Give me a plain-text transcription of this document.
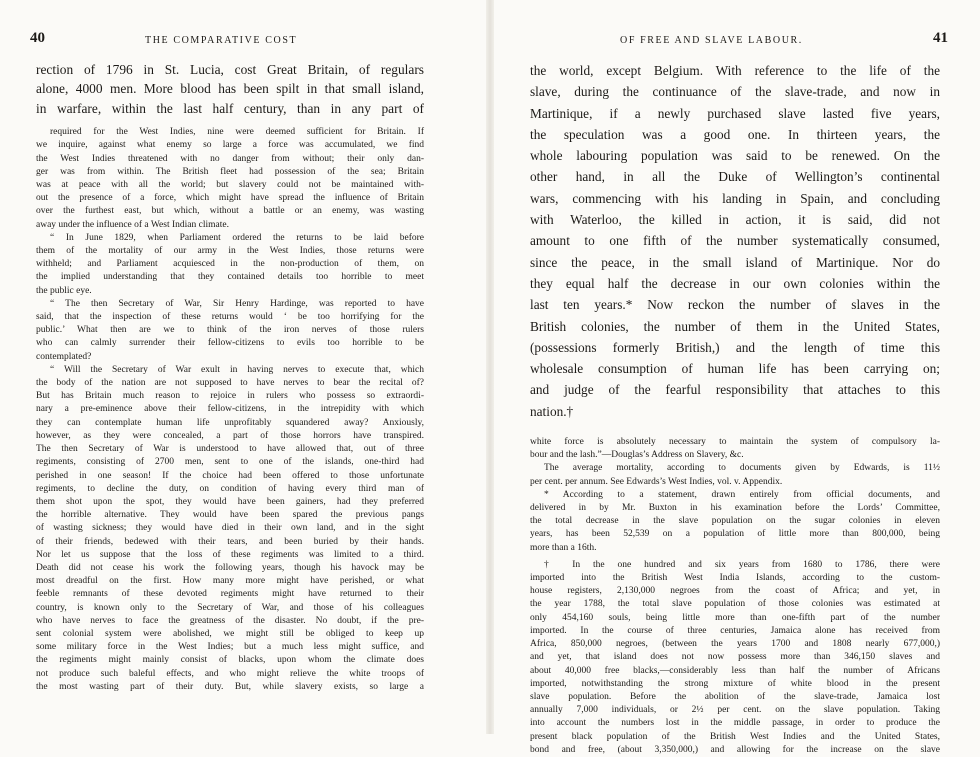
40	THE COMPARATIVE COST
rection of 1796 in St. Lucia, cost Great Britain, of regulars
alone, 4000 men. More blood has been spilt in that small island,
in warfare, within the last half century, than in any part of
required for the West Indies, nine were deemed sufficient for Britain. If
we inquire, against what enemy so large a force was accumulated, we find
the West Indies threatened with no danger from without; their only dan-
ger was from within. The British fleet had possession of the sea; Britain
was at peace with all the world; but slavery could not be maintained with-
out the presence of a force, which might have spread the influence of Britain
over the furthest east, but which, without a battle or an enemy, was wasting
away under the influence of a West Indian climate.
“ In June 1829, when Parliament ordered the returns to be laid before
them of the mortality of our army in the West Indies, those returns were
withheld; and Parliament acquiesced in the non-production of them, on
the implied understanding that they contained details too horrible to meet
the public eye.
“ The then Secretary of War, Sir Henry Hardinge, was reported to have
said, that the inspection of these returns would ‘ be too horrifying for the
public.’ What then are we to think of the iron nerves of those rulers
who can calmly surrender their fellow-citizens to evils too horrible to be
contemplated?
“ Will the Secretary of War exult in having nerves to execute that, which
the body of the nation are not supposed to have nerves to bear the recital of?
But has Britain much reason to rejoice in rulers who possess so extraordi-
nary a pre-eminence above their fellow-citizens, in the intrepidity with which
they can contemplate human life unprofitably squandered away? Anxiously,
however, as they were concealed, a part of those horrors have transpired.
The then Secretary of War is understood to have allowed that, out of three
regiments, consisting of 2700 men, sent to one of the islands, one-third had
perished in one season! If the choice had been offered to those unfortunate
regiments, to decline the duty, on condition of having every third man of
them shot upon the spot, they would have been gainers, had they preferred
the horrible alternative. They would have been spared the previous pangs
of wasting sickness; they would have died in their own land, and in the sight
of their friends, bedewed with their tears, and been buried by their hands.
Nor let us suppose that the loss of these regiments was limited to a third.
Death did not cease his work the following years, though his havock may be
most dreadful on the first. How many more might have perished, or what
feeble remnants of these devoted regiments might have returned to their
country, is known only to the Secretary of War, and those of his colleagues
who have nerves to face the greatness of the disaster. No doubt, if the pre-
sent colonial system were abolished, we might still be obliged to keep up
some military force in the West Indies; but a much less might suffice, and
the regiments might mainly consist of blacks, upon whom the climate does
not produce such baleful effects, and who might relieve the white troops of
the most wasting part of their duty. But, while slavery exists, so large a
OF FREE AND SLAVE LABOUR.	41
the world, except Belgium. With reference to the life of the
slave, during the continuance of the slave-trade, and now in
Martinique, if a newly purchased slave lasted five years,
the speculation was a good one. In thirteen years, the
whole labouring population was said to be renewed. On the
other hand, in all the Duke of Wellington’s continental
wars, commencing with his landing in Spain, and concluding
with Waterloo, the killed in action, it is said, did not
amount to one fifth of the number systematically consumed,
since the peace, in the small island of Martinique. Nor do
they equal half the decrease in our own colonies within the
last ten years.* Now reckon the number of slaves in the
British colonies, the number of them in the United States,
(possessions formerly British,) and the length of time this
wholesale consumption of human life has been carrying on;
and judge of the fearful responsibility that attaches to this
nation.†
white force is absolutely necessary to maintain the system of compulsory la-
bour and the lash.”—Douglas’s Address on Slavery, &c.
The average mortality, according to documents given by Edwards, is 11½
per cent. per annum. See Edwards’s West Indies, vol. v. Appendix.
* According to a statement, drawn entirely from official documents, and
delivered in by Mr. Buxton in his examination before the Lords’ Committee,
the total decrease in the slave population on the sugar colonies in eleven
years, has been 52,539 on a population of little more than 800,000, being
more than a 16th.
† In the one hundred and six years from 1680 to 1786, there were
imported into the British West India Islands, according to the custom-
house registers, 2,130,000 negroes from the coast of Africa; and yet, in
the year 1788, the total slave population of those colonies was estimated at
only 454,160 souls, being little more than one-fifth part of the number
imported. In the course of three centuries, Jamaica alone has received from
Africa, 850,000 negroes, (between the years 1700 and 1808 nearly 677,000,)
and yet, that island does not now possess more than 346,150 slaves and
about 40,000 free blacks,—considerably less than half the number of Africans
imported, notwithstanding the strong mixture of white blood in the present
slave population. Before the abolition of the slave-trade, Jamaica lost
annually 7,000 individuals, or 2½ per cent. on the slave population. Taking
into account the numbers lost in the middle passage, in order to produce the
present black population of the British West Indies and the United States,
bond and free, (about 3,350,000,) and allowing for the increase on the slave
